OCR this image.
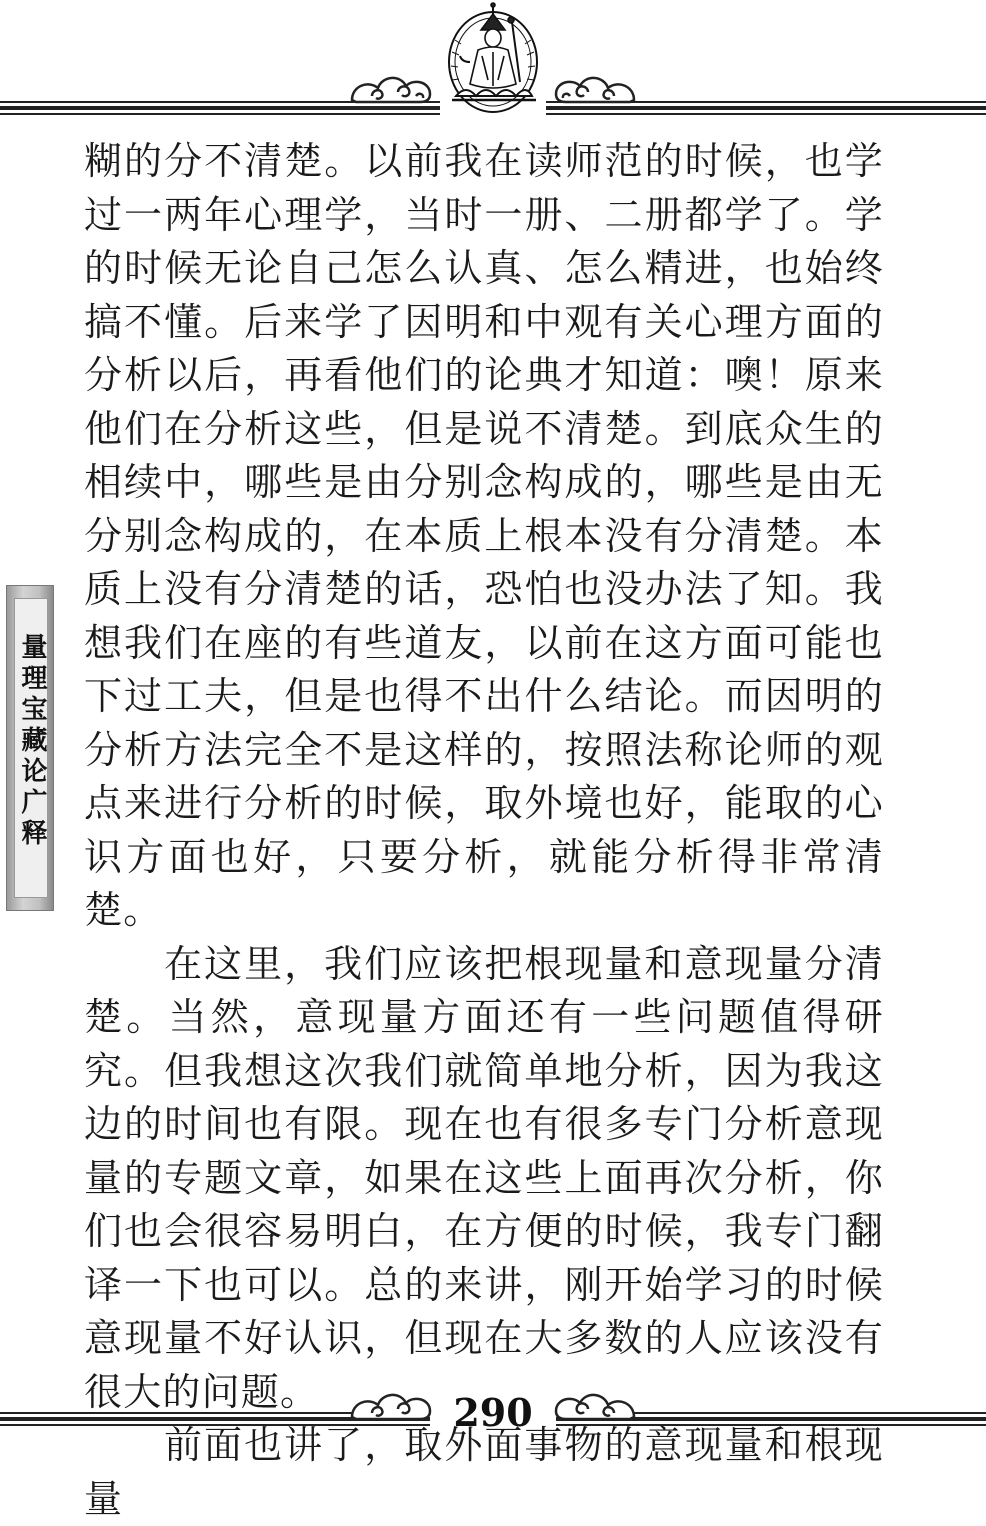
量理宝藏论广释

糊的分不清楚。以前我在读师范的时候，也学过一两年心理学，当时一册、二册都学了。学的时候无论自己怎么认真、怎么精进，也始终搞不懂。后来学了因明和中观有关心理方面的分析以后，再看他们的论典才知道：噢！原来他们在分析这些，但是说不清楚。到底众生的相续中，哪些是由分别念构成的，哪些是由无分别念构成的，在本质上根本没有分清楚。本质上没有分清楚的话，恐怕也没办法了知。我想我们在座的有些道友，以前在这方面可能也下过工夫，但是也得不出什么结论。而因明的分析方法完全不是这样的，按照法称论师的观点来进行分析的时候，取外境也好，能取的心识方面也好，只要分析，就能分析得非常清楚。

在这里，我们应该把根现量和意现量分清楚。当然，意现量方面还有一些问题值得研究。但我想这次我们就简单地分析，因为我这边的时间也有限。现在也有很多专门分析意现量的专题文章，如果在这些上面再次分析，你们也会很容易明白，在方便的时候，我专门翻译一下也可以。总的来讲，刚开始学习的时候意现量不好认识，但现在大多数的人应该没有很大的问题。

前面也讲了，取外面事物的意现量和根现量

290
